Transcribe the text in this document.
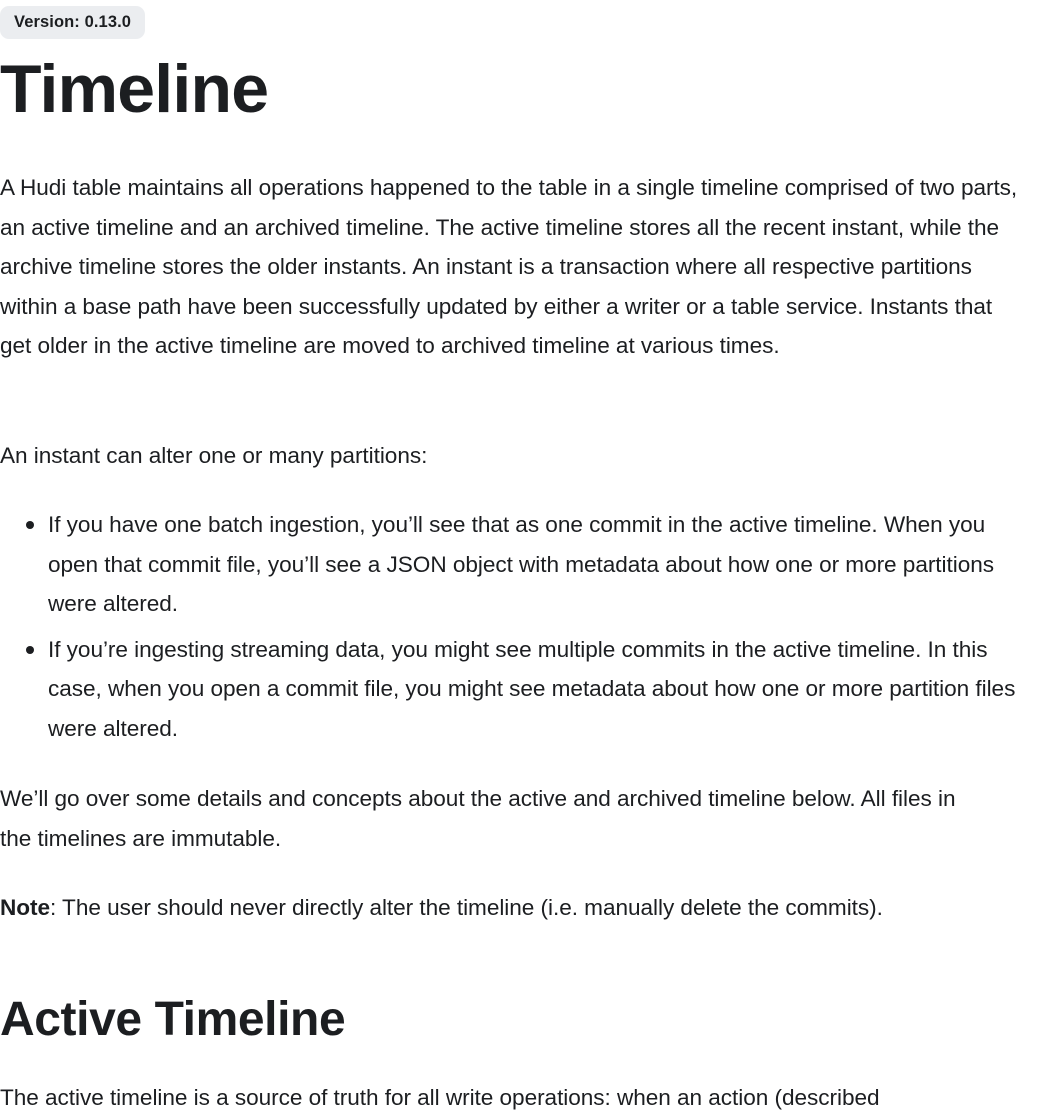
Version: 0.13.0
Timeline

A Hudi table maintains all operations happened to the table in a single timeline comprised of two parts, an active timeline and an archived timeline. The active timeline stores all the recent instant, while the archive timeline stores the older instants. An instant is a transaction where all respective partitions within a base path have been successfully updated by either a writer or a table service. Instants that get older in the active timeline are moved to archived timeline at various times.

An instant can alter one or many partitions:

If you have one batch ingestion, you’ll see that as one commit in the active timeline. When you open that commit file, you’ll see a JSON object with metadata about how one or more partitions were altered.
If you’re ingesting streaming data, you might see multiple commits in the active timeline. In this case, when you open a commit file, you might see metadata about how one or more partition files were altered.

We’ll go over some details and concepts about the active and archived timeline below. All files in the timelines are immutable.

Note: The user should never directly alter the timeline (i.e. manually delete the commits).

Active Timeline

The active timeline is a source of truth for all write operations: when an action (described
